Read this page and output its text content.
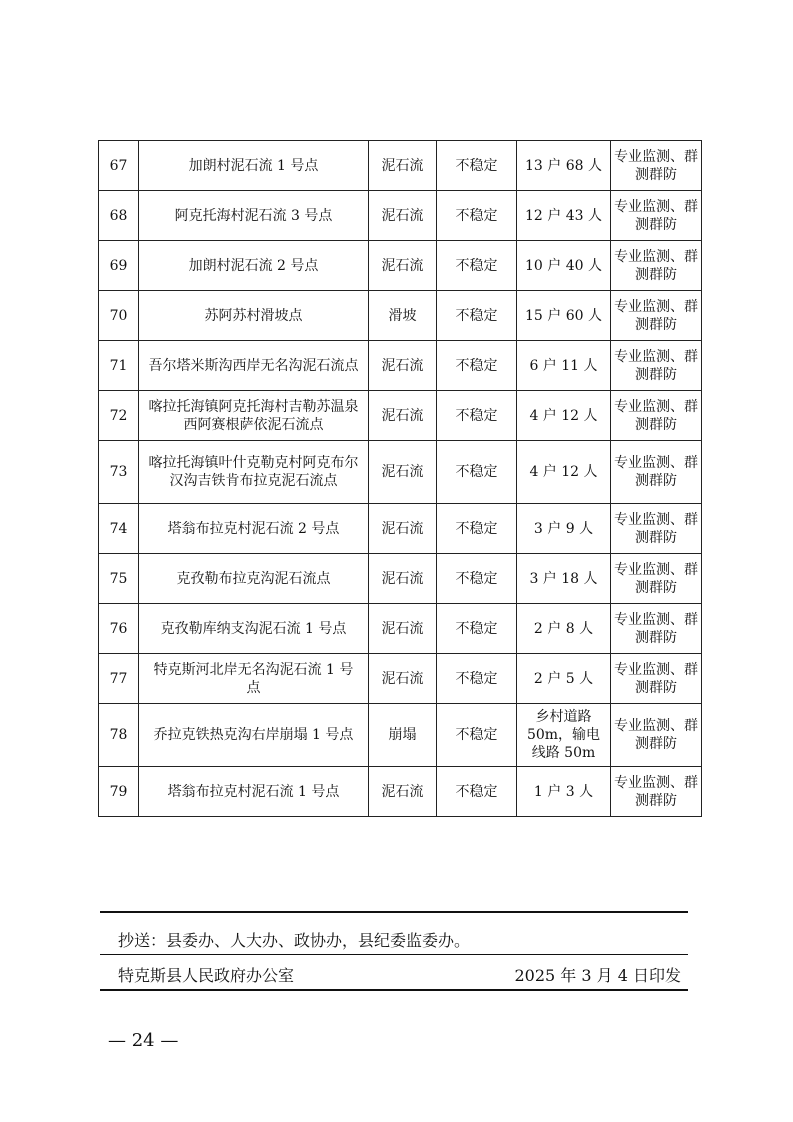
67	加朗村泥石流 1 号点	泥石流	不稳定	13 户 68 人	专业监测、群测群防
68	阿克托海村泥石流 3 号点	泥石流	不稳定	12 户 43 人	专业监测、群测群防
69	加朗村泥石流 2 号点	泥石流	不稳定	10 户 40 人	专业监测、群测群防
70	苏阿苏村滑坡点	滑坡	不稳定	15 户 60 人	专业监测、群测群防
71	吾尔塔米斯沟西岸无名沟泥石流点	泥石流	不稳定	6 户 11 人	专业监测、群测群防
72	喀拉托海镇阿克托海村吉勒苏温泉西阿赛根萨依泥石流点	泥石流	不稳定	4 户 12 人	专业监测、群测群防
73	喀拉托海镇叶什克勒克村阿克布尔汉沟吉铁肯布拉克泥石流点	泥石流	不稳定	4 户 12 人	专业监测、群测群防
74	塔翁布拉克村泥石流 2 号点	泥石流	不稳定	3 户 9 人	专业监测、群测群防
75	克孜勒布拉克沟泥石流点	泥石流	不稳定	3 户 18 人	专业监测、群测群防
76	克孜勒库纳支沟泥石流 1 号点	泥石流	不稳定	2 户 8 人	专业监测、群测群防
77	特克斯河北岸无名沟泥石流 1 号点	泥石流	不稳定	2 户 5 人	专业监测、群测群防
78	乔拉克铁热克沟右岸崩塌 1 号点	崩塌	不稳定	乡村道路 50m，输电线路 50m	专业监测、群测群防
79	塔翁布拉克村泥石流 1 号点	泥石流	不稳定	1 户 3 人	专业监测、群测群防
抄送：县委办、人大办、政协办，县纪委监委办。
特克斯县人民政府办公室	2025 年 3 月 4 日印发
— 24 —
